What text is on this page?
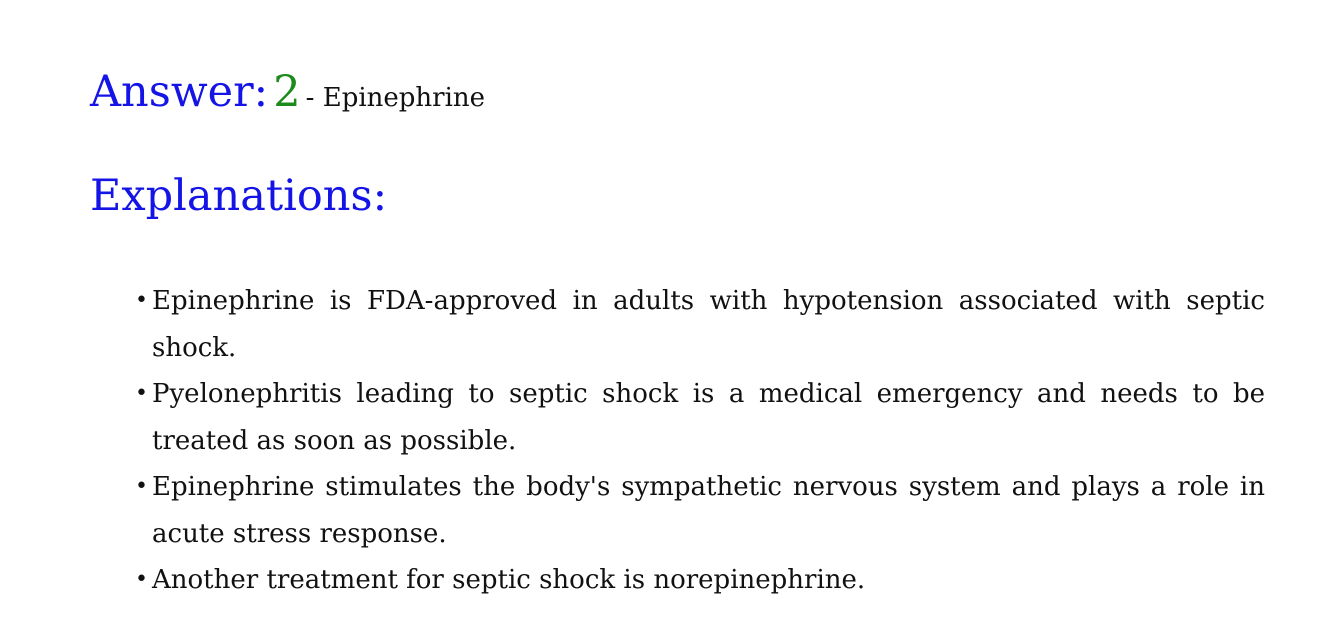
Answer: 2 - Epinephrine

Explanations:
• Epinephrine is FDA-approved in adults with hypotension associated with septic shock.
• Pyelonephritis leading to septic shock is a medical emergency and needs to be treated as soon as possible.
• Epinephrine stimulates the body's sympathetic nervous system and plays a role in acute stress response.
• Another treatment for septic shock is norepinephrine.
